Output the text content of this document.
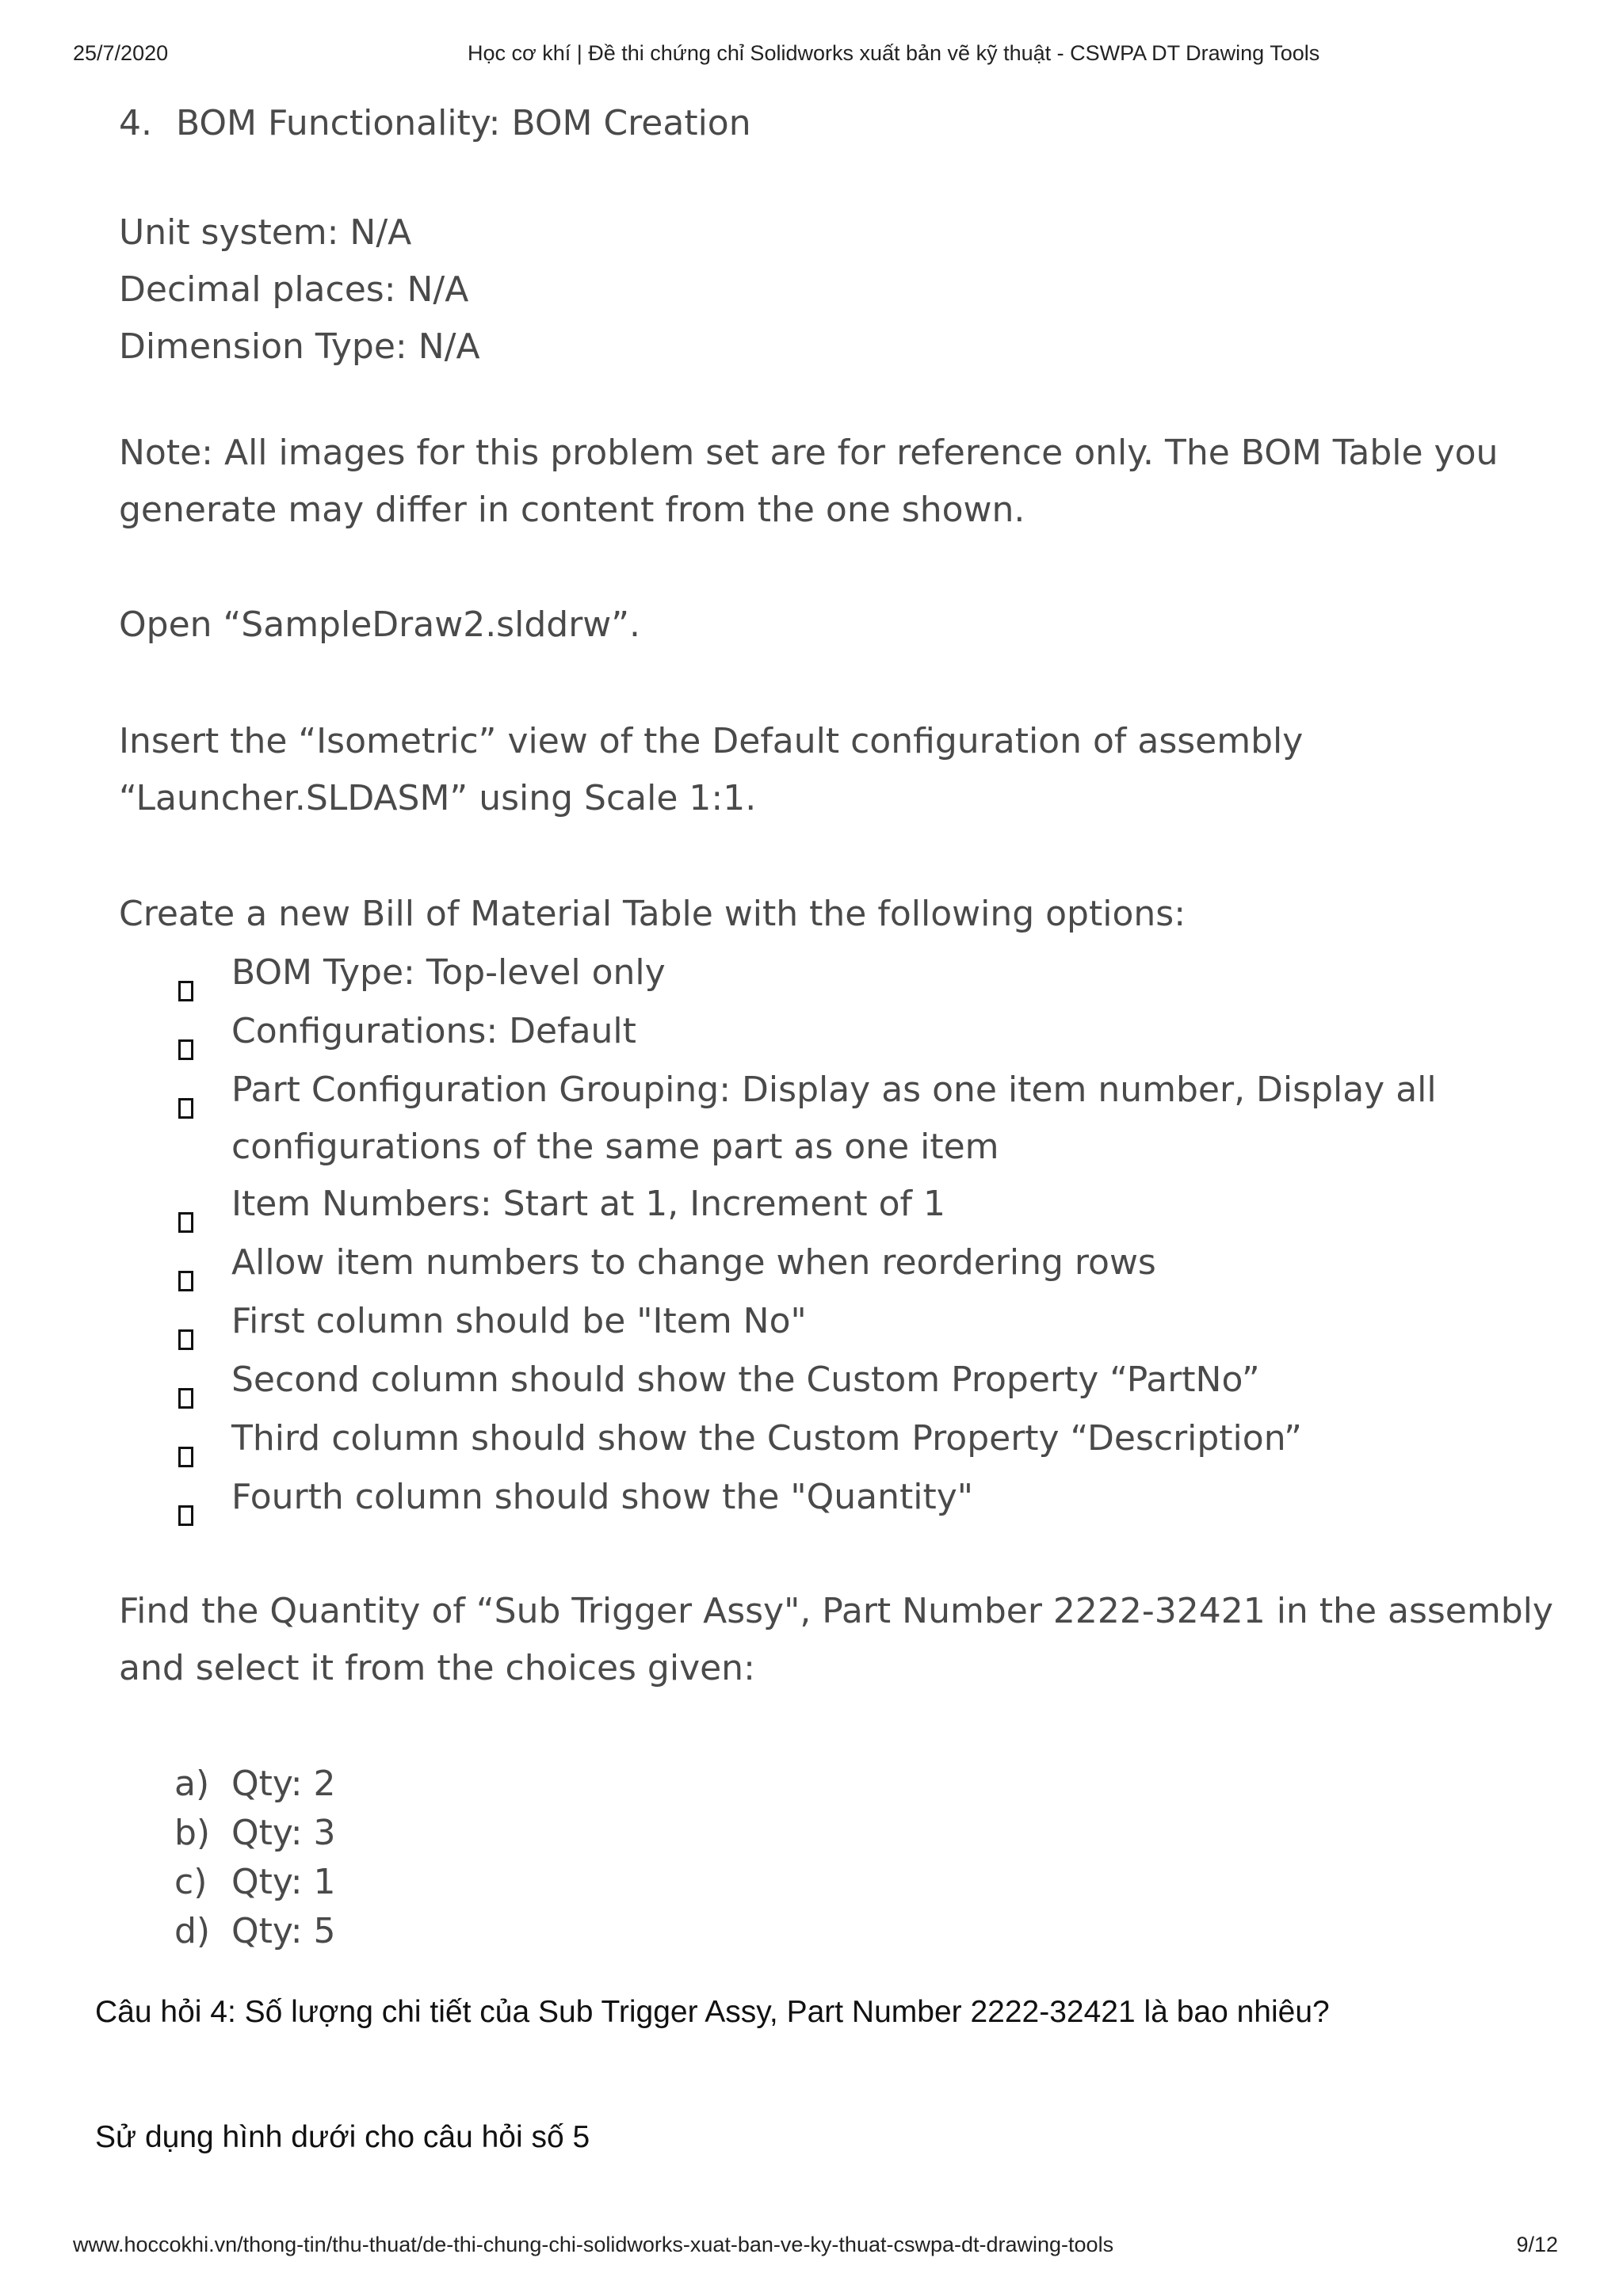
25/7/2020	Học cơ khí | Đề thi chứng chỉ Solidworks xuất bản vẽ kỹ thuật - CSWPA DT Drawing Tools
4. BOM Functionality: BOM Creation
Unit system: N/A
Decimal places: N/A
Dimension Type: N/A
Note: All images for this problem set are for reference only. The BOM Table you
generate may differ in content from the one shown.
Open “SampleDraw2.slddrw”.
Insert the “Isometric” view of the Default configuration of assembly
“Launcher.SLDASM” using Scale 1:1.
Create a new Bill of Material Table with the following options:
BOM Type: Top-level only
Configurations: Default
Part Configuration Grouping: Display as one item number, Display all
configurations of the same part as one item
Item Numbers: Start at 1, Increment of 1
Allow item numbers to change when reordering rows
First column should be "Item No"
Second column should show the Custom Property “PartNo”
Third column should show the Custom Property “Description”
Fourth column should show the "Quantity"
Find the Quantity of “Sub Trigger Assy", Part Number 2222-32421 in the assembly
and select it from the choices given:
a) Qty: 2
b) Qty: 3
c) Qty: 1
d) Qty: 5
Câu hỏi 4: Số lượng chi tiết của Sub Trigger Assy, Part Number 2222-32421 là bao nhiêu?
Sử dụng hình dưới cho câu hỏi số 5
www.hoccokhi.vn/thong-tin/thu-thuat/de-thi-chung-chi-solidworks-xuat-ban-ve-ky-thuat-cswpa-dt-drawing-tools	9/12
